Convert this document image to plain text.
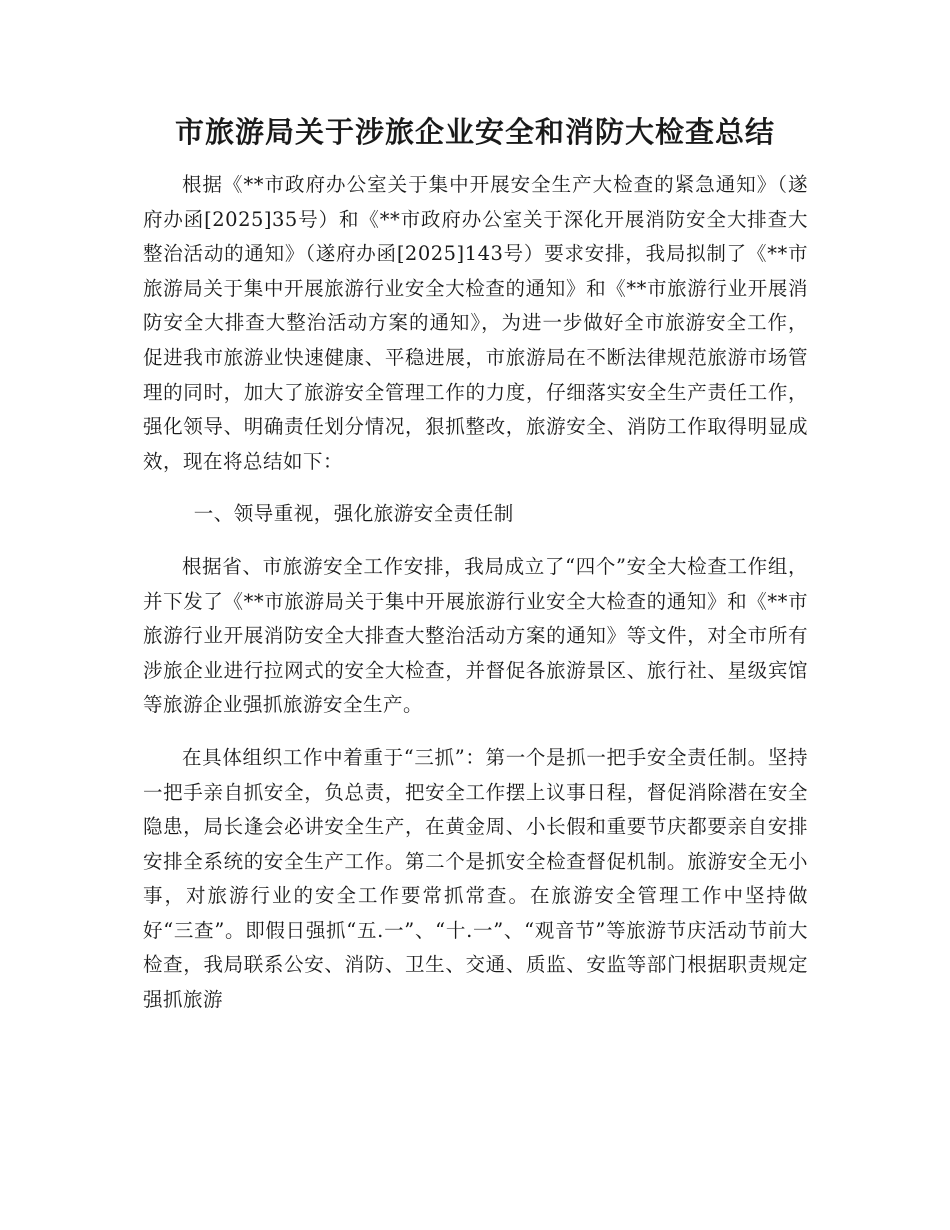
市旅游局关于涉旅企业安全和消防大检查总结

根据《**市政府办公室关于集中开展安全生产大检查的紧急通知》（遂府办函[2025]35号）和《**市政府办公室关于深化开展消防安全大排查大整治活动的通知》（遂府办函[2025]143号）要求安排，我局拟制了《**市旅游局关于集中开展旅游行业安全大检查的通知》和《**市旅游行业开展消防安全大排查大整治活动方案的通知》，为进一步做好全市旅游安全工作，促进我市旅游业快速健康、平稳进展，市旅游局在不断法律规范旅游市场管理的同时，加大了旅游安全管理工作的力度，仔细落实安全生产责任工作，强化领导、明确责任划分情况，狠抓整改，旅游安全、消防工作取得明显成效，现在将总结如下：

一、领导重视，强化旅游安全责任制

根据省、市旅游安全工作安排，我局成立了“四个”安全大检查工作组，并下发了《**市旅游局关于集中开展旅游行业安全大检查的通知》和《**市旅游行业开展消防安全大排查大整治活动方案的通知》等文件，对全市所有涉旅企业进行拉网式的安全大检查，并督促各旅游景区、旅行社、星级宾馆等旅游企业强抓旅游安全生产。

在具体组织工作中着重于“三抓”：第一个是抓一把手安全责任制。坚持一把手亲自抓安全，负总责，把安全工作摆上议事日程，督促消除潜在安全隐患，局长逢会必讲安全生产，在黄金周、小长假和重要节庆都要亲自安排安排全系统的安全生产工作。第二个是抓安全检查督促机制。旅游安全无小事，对旅游行业的安全工作要常抓常查。在旅游安全管理工作中坚持做好“三查”。即假日强抓“五.一”、“十.一”、“观音节”等旅游节庆活动节前大检查，我局联系公安、消防、卫生、交通、质监、安监等部门根据职责规定强抓旅游
